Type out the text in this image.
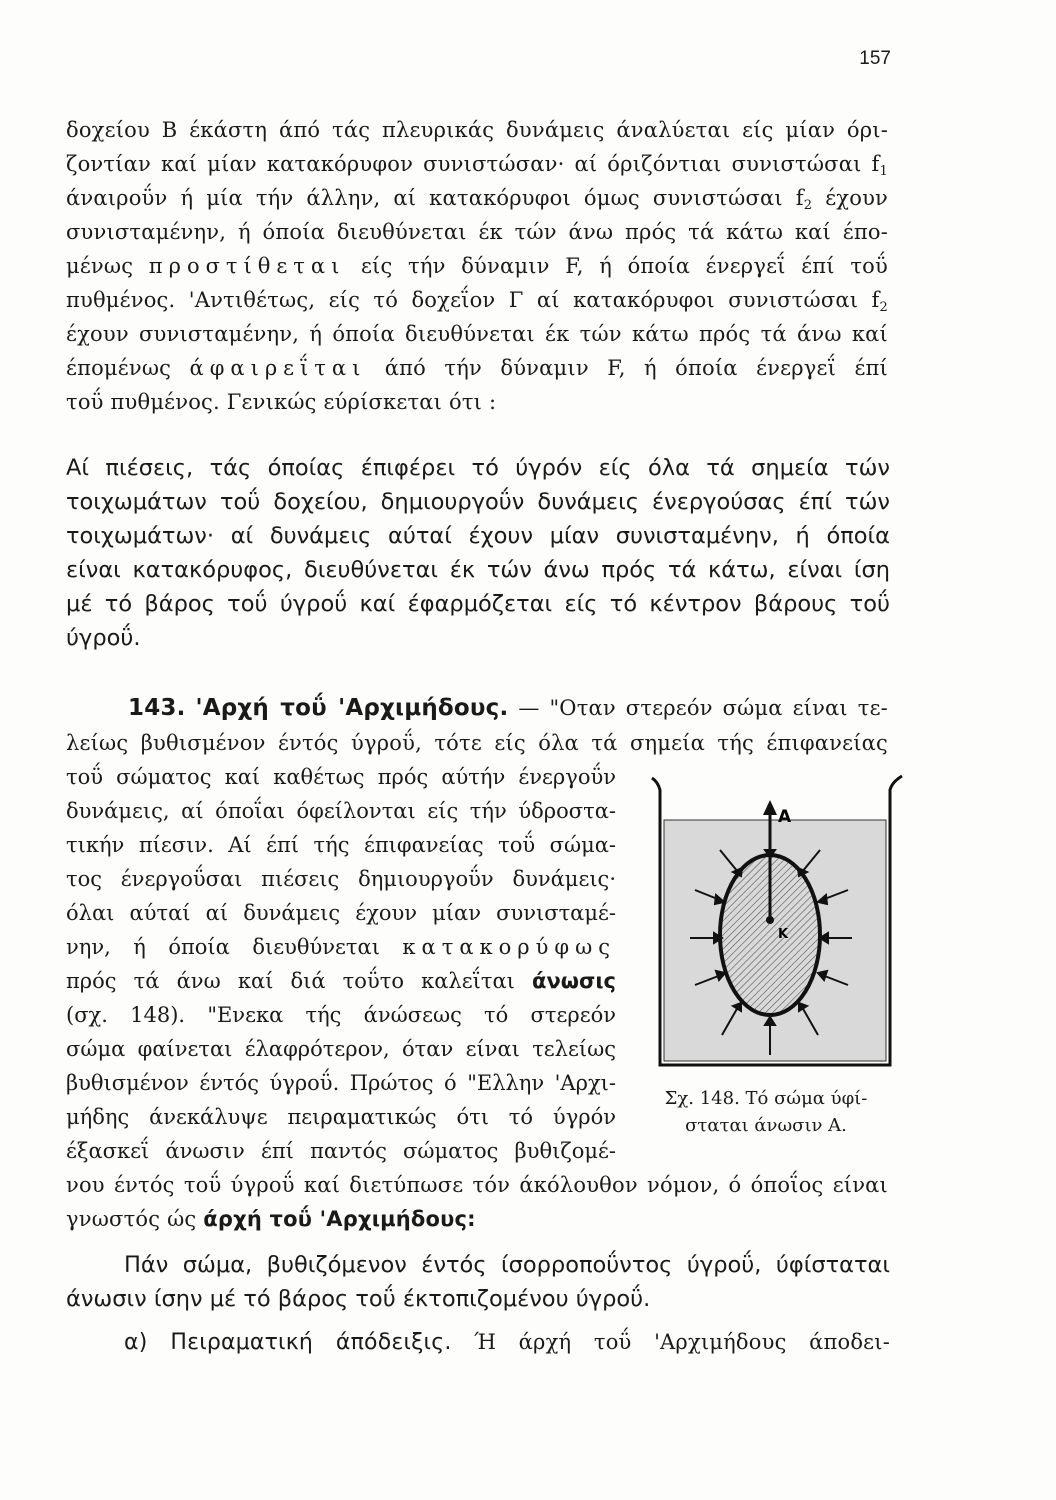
157
δοχείου Β έκάστη άπό τάς πλευρικάς δυνάμεις άναλύεται είς μίαν όρι-
ζοντίαν καί μίαν κατακόρυφον συνιστώσαν· αί όριζόντιαι συνιστώσαι $f_1$
άναιροΰν ή μία τήν άλλην, αί κατακόρυφοι όμως συνιστώσαι $f_2$ έχουν
συνισταμένην, ή όποία διευθύνεται έκ τών άνω πρός τά κάτω καί έπο-
μένως προστίθεται είς τήν δύναμιν F, ή όποία ένεργεΐ έπί τοΰ
πυθμένος. 'Αντιθέτως, είς τό δοχεΐον Γ αί κατακόρυφοι συνιστώσαι $f_2$
έχουν συνισταμένην, ή όποία διευθύνεται έκ τών κάτω πρός τά άνω καί
έπομένως άφαιρεΐται άπό τήν δύναμιν F, ή όποία ένεργεΐ έπί
τοΰ πυθμένος. Γενικώς εύρίσκεται ότι :
Αί πιέσεις, τάς όποίας έπιφέρει τό ύγρόν είς όλα τά σημεία τών
τοιχωμάτων τοΰ δοχείου, δημιουργοΰν δυνάμεις ένεργούσας έπί τών
τοιχωμάτων· αί δυνάμεις αύταί έχουν μίαν συνισταμένην, ή όποία
είναι κατακόρυφος, διευθύνεται έκ τών άνω πρός τά κάτω, είναι ίση
μέ τό βάρος τοΰ ύγροΰ καί έφαρμόζεται είς τό κέντρον βάρους τοΰ
ύγροΰ.
143. 'Αρχή τοΰ 'Αρχιμήδους. — "Οταν στερεόν σώμα είναι τε-
λείως βυθισμένον έντός ύγροΰ, τότε είς όλα τά σημεία τής έπιφανείας
τοΰ σώματος καί καθέτως πρός αύτήν ένεργοΰν
δυνάμεις, αί όποΐαι όφείλονται είς τήν ύδροστα-
τικήν πίεσιν. Αί έπί τής έπιφανείας τοΰ σώμα-
τος ένεργοΰσαι πιέσεις δημιουργοΰν δυνάμεις·
όλαι αύταί αί δυνάμεις έχουν μίαν συνισταμέ-
νην, ή όποία διευθύνεται κατακορύφως
πρός τά άνω καί διά τοΰτο καλεΐται άνωσις
(σχ. 148). "Ενεκα τής άνώσεως τό στερεόν
σώμα φαίνεται έλαφρότερον, όταν είναι τελείως
βυθισμένον έντός ύγροΰ. Πρώτος ό "Ελλην 'Αρχι-
μήδης άνεκάλυψε πειραματικώς ότι τό ύγρόν
έξασκεΐ άνωσιν έπί παντός σώματος βυθιζομέ-
A
K
Σχ. 148. Τό σώμα ύφί-
σταται άνωσιν Α.
νου έντός τοΰ ύγροΰ καί διετύπωσε τόν άκόλουθον νόμον, ό όποΐος είναι
γνωστός ώς άρχή τοΰ 'Αρχιμήδους:
Πάν σώμα, βυθιζόμενον έντός ίσορροποΰντος ύγροΰ, ύφίσταται
άνωσιν ίσην μέ τό βάρος τοΰ έκτοπιζομένου ύγροΰ.
α) Πειραματική άπόδειξις. Ή άρχή τοΰ 'Αρχιμήδους άποδει-
